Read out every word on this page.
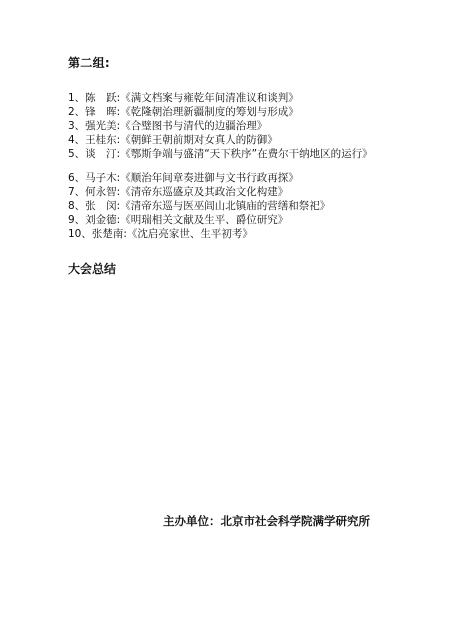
第二组:
1、陈　跃:《满文档案与雍乾年间清准议和谈判》
2、锋　晖:《乾隆朝治理新疆制度的筹划与形成》
3、强光美:《合璧图书与清代的边疆治理》
4、王桂东:《朝鲜王朝前期对女真人的防御》
5、谈　汀:《鄂斯争端与盛清“天下秩序”在费尔干纳地区的运行》
6、马子木:《顺治年间章奏进御与文书行政再探》
7、何永智:《清帝东巡盛京及其政治文化构建》
8、张　闵:《清帝东巡与医巫闾山北镇庙的营缮和祭祀》
9、刘金德:《明瑞相关文献及生平、爵位研究》
10、张楚南:《沈启亮家世、生平初考》
大会总结
主办单位：北京市社会科学院满学研究所
